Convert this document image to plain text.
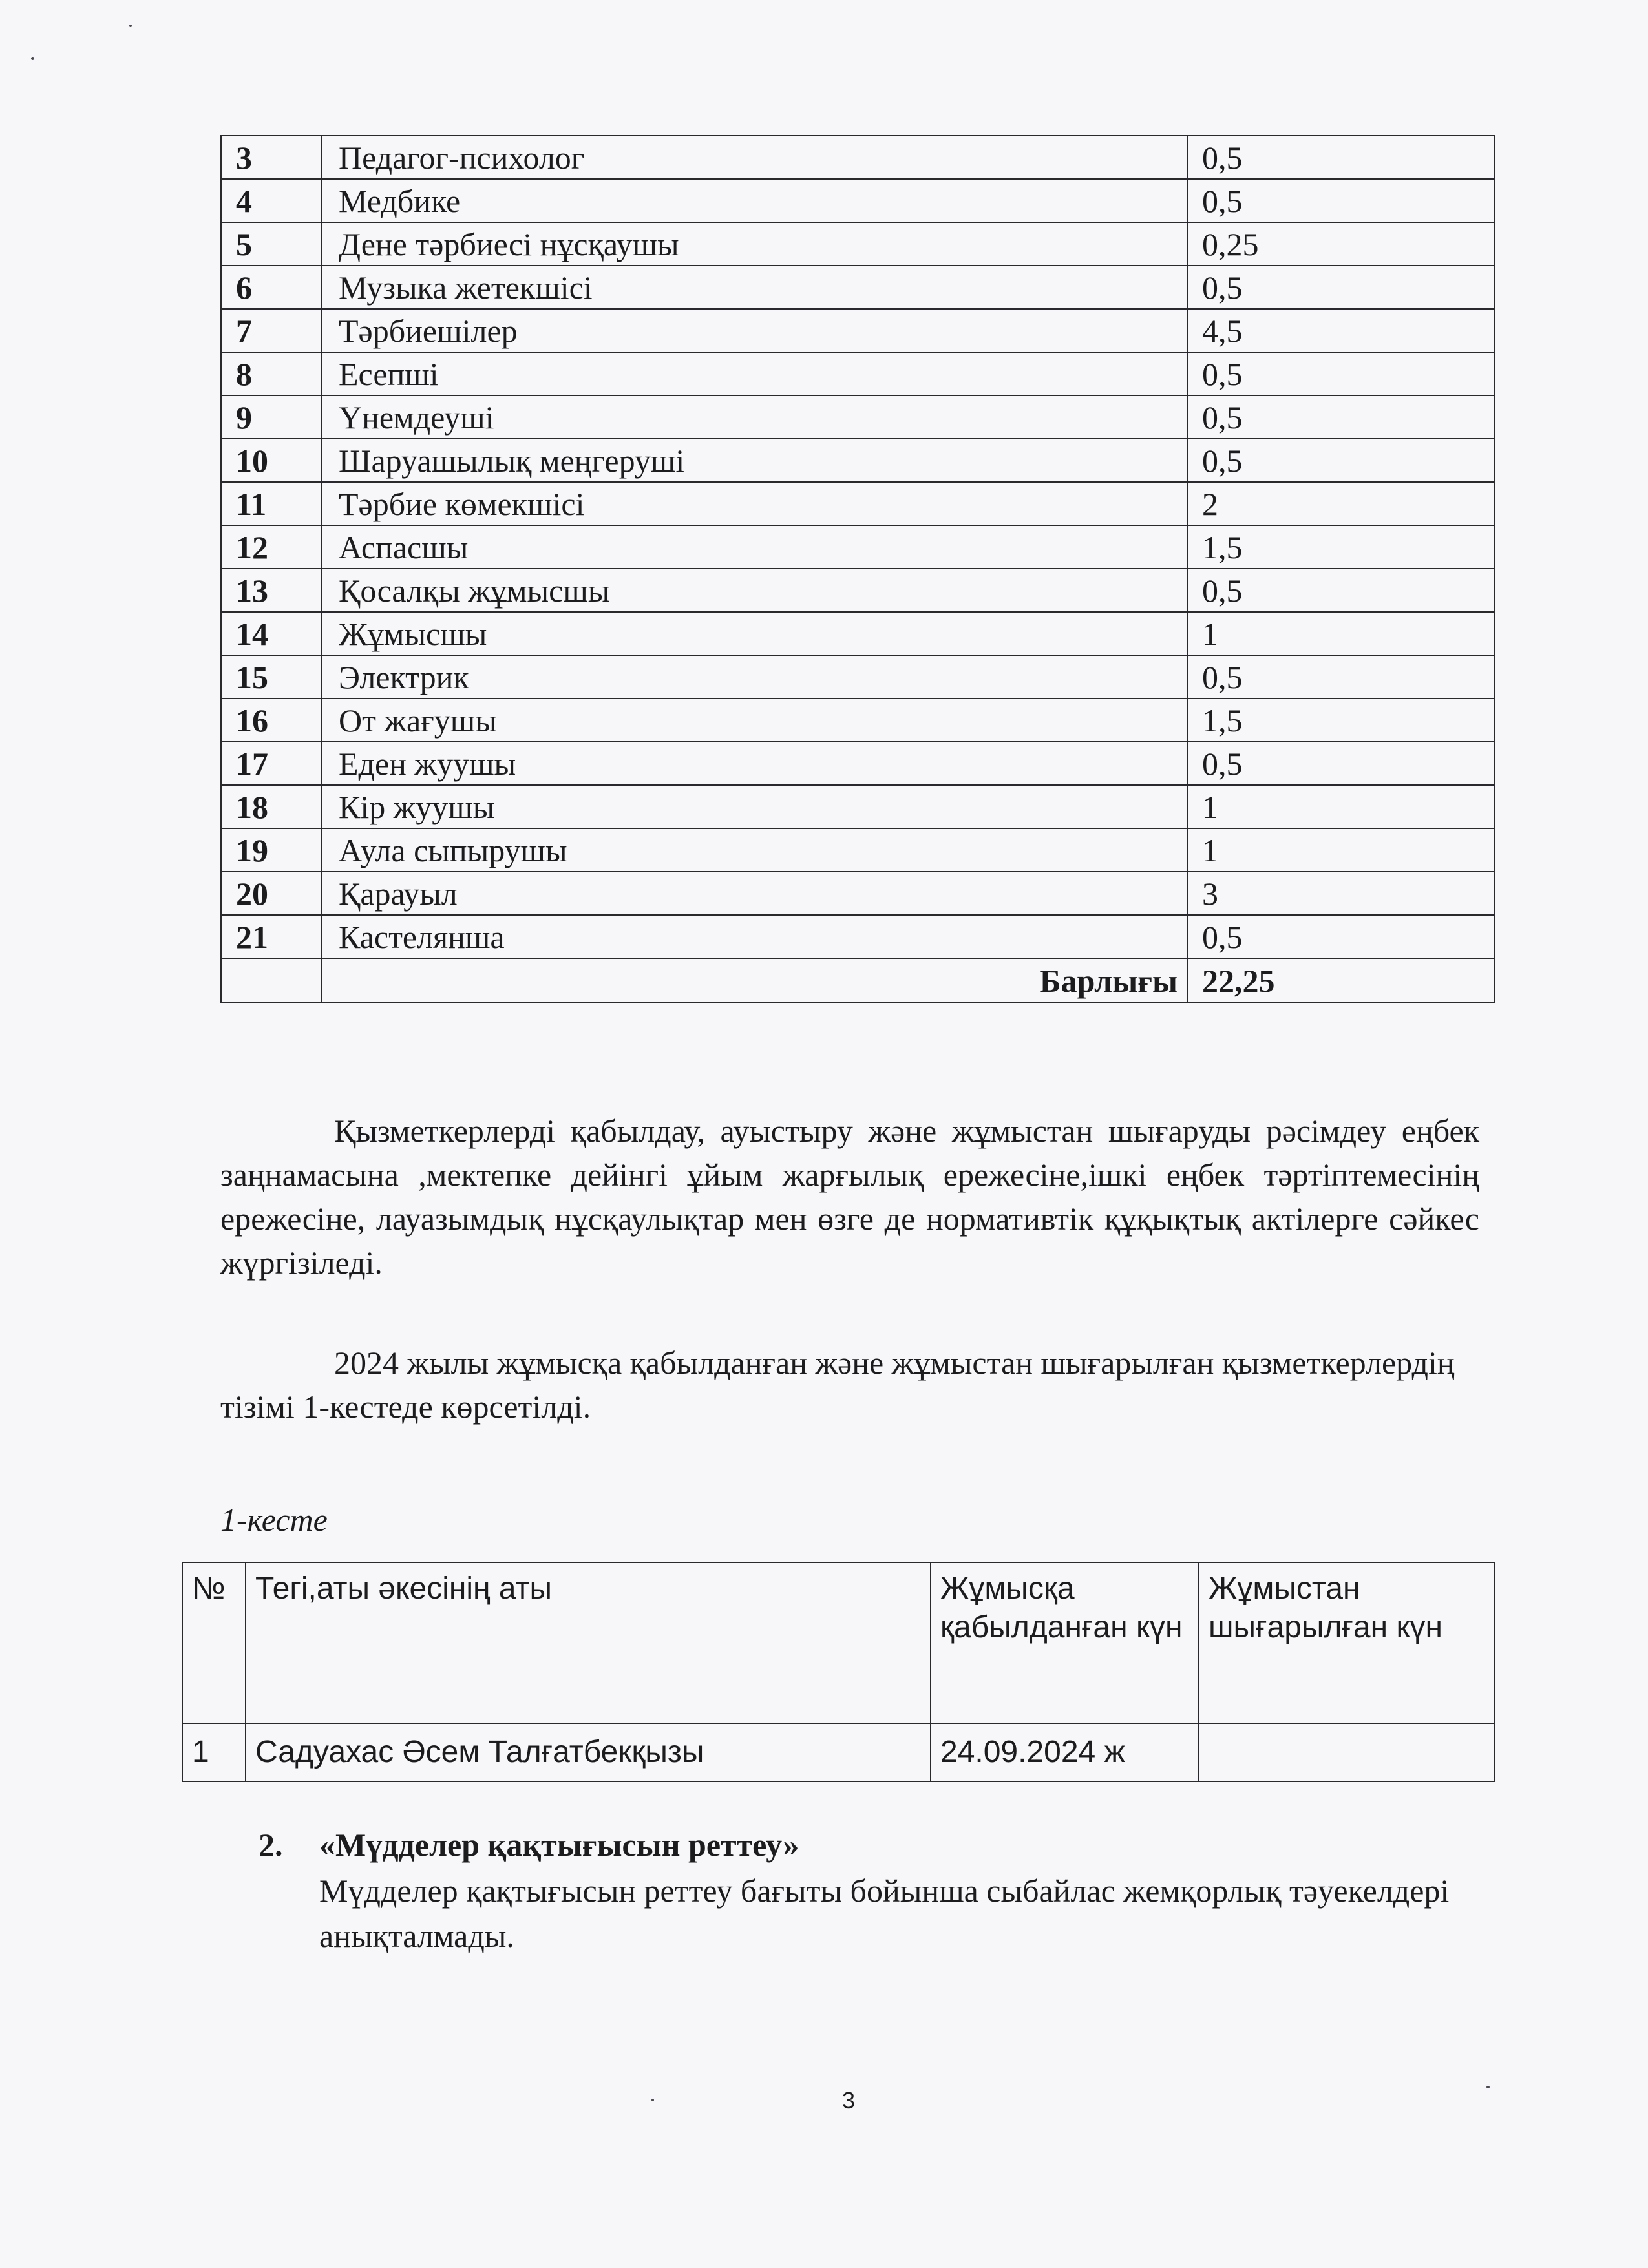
3	Педагог-психолог	0,5
4	Медбике	0,5
5	Дене тәрбиесі нұсқаушы	0,25
6	Музыка жетекшісі	0,5
7	Тәрбиешілер	4,5
8	Есепші	0,5
9	Үнемдеуші	0,5
10	Шаруашылық меңгеруші	0,5
11	Тәрбие көмекшісі	2
12	Аспасшы	1,5
13	Қосалқы жұмысшы	0,5
14	Жұмысшы	1
15	Электрик	0,5
16	От жағушы	1,5
17	Еден жуушы	0,5
18	Кір жуушы	1
19	Аула сыпырушы	1
20	Қарауыл	3
21	Кастелянша	0,5
	Барлығы	22,25

Қызметкерлерді қабылдау, ауыстыру және жұмыстан шығаруды рәсімдеу еңбек заңнамасына ,мектепке дейінгі ұйым жарғылық ережесіне,ішкі еңбек тәртіптемесінің ережесіне, лауазымдық нұсқаулықтар мен өзге де нормативтік құқықтық актілерге сәйкес жүргізіледі.

2024 жылы жұмысқа қабылданған және жұмыстан шығарылған қызметкерлердің тізімі 1-кестеде көрсетілді.

1-кесте

№	Тегі,аты әкесінің аты	Жұмысқа қабылданған күн	Жұмыстан шығарылған күн
1	Садуахас Әсем Талғатбекқызы	24.09.2024 ж	

2. «Мүдделер қақтығысын реттеу»

Мүдделер қақтығысын реттеу бағыты бойынша сыбайлас жемқорлық тәуекелдері анықталмады.

3
